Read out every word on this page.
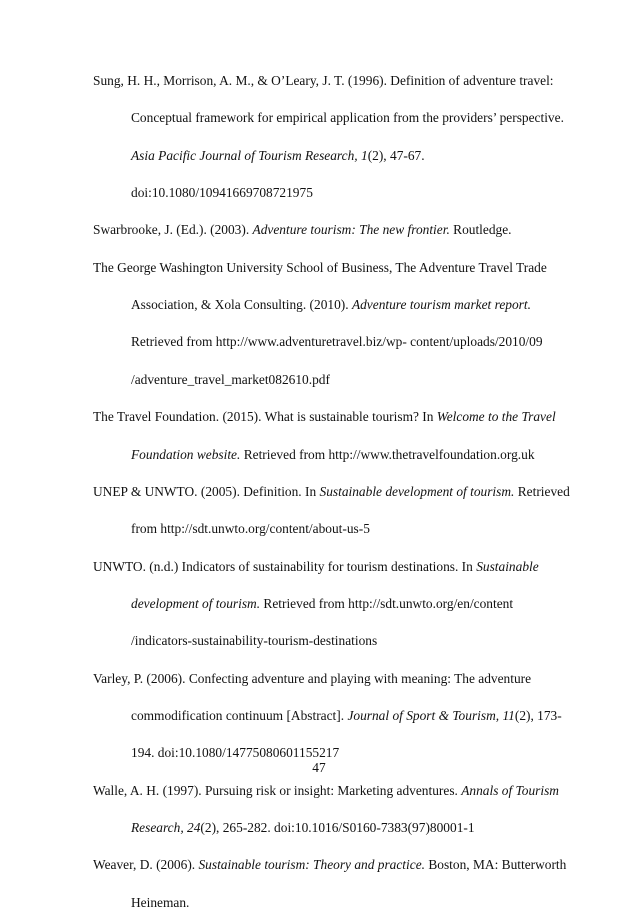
Sung, H. H., Morrison, A. M., & O’Leary, J. T. (1996). Definition of adventure travel:
Conceptual framework for empirical application from the providers’ perspective.
Asia Pacific Journal of Tourism Research, 1(2), 47-67.
doi:10.1080/10941669708721975
Swarbrooke, J. (Ed.). (2003). Adventure tourism: The new frontier. Routledge.
The George Washington University School of Business, The Adventure Travel Trade
Association, & Xola Consulting. (2010). Adventure tourism market report.
Retrieved from http://www.adventuretravel.biz/wp- content/uploads/2010/09
/adventure_travel_market082610.pdf
The Travel Foundation. (2015). What is sustainable tourism? In Welcome to the Travel
Foundation website. Retrieved from http://www.thetravelfoundation.org.uk
UNEP & UNWTO. (2005). Definition. In Sustainable development of tourism. Retrieved
from http://sdt.unwto.org/content/about-us-5
UNWTO. (n.d.) Indicators of sustainability for tourism destinations. In Sustainable
development of tourism. Retrieved from http://sdt.unwto.org/en/content
/indicators-sustainability-tourism-destinations
Varley, P. (2006). Confecting adventure and playing with meaning: The adventure
commodification continuum [Abstract]. Journal of Sport & Tourism, 11(2), 173-
194. doi:10.1080/14775080601155217
Walle, A. H. (1997). Pursuing risk or insight: Marketing adventures. Annals of Tourism
Research, 24(2), 265-282. doi:10.1016/S0160-7383(97)80001-1
Weaver, D. (2006). Sustainable tourism: Theory and practice. Boston, MA: Butterworth
Heineman.
47
